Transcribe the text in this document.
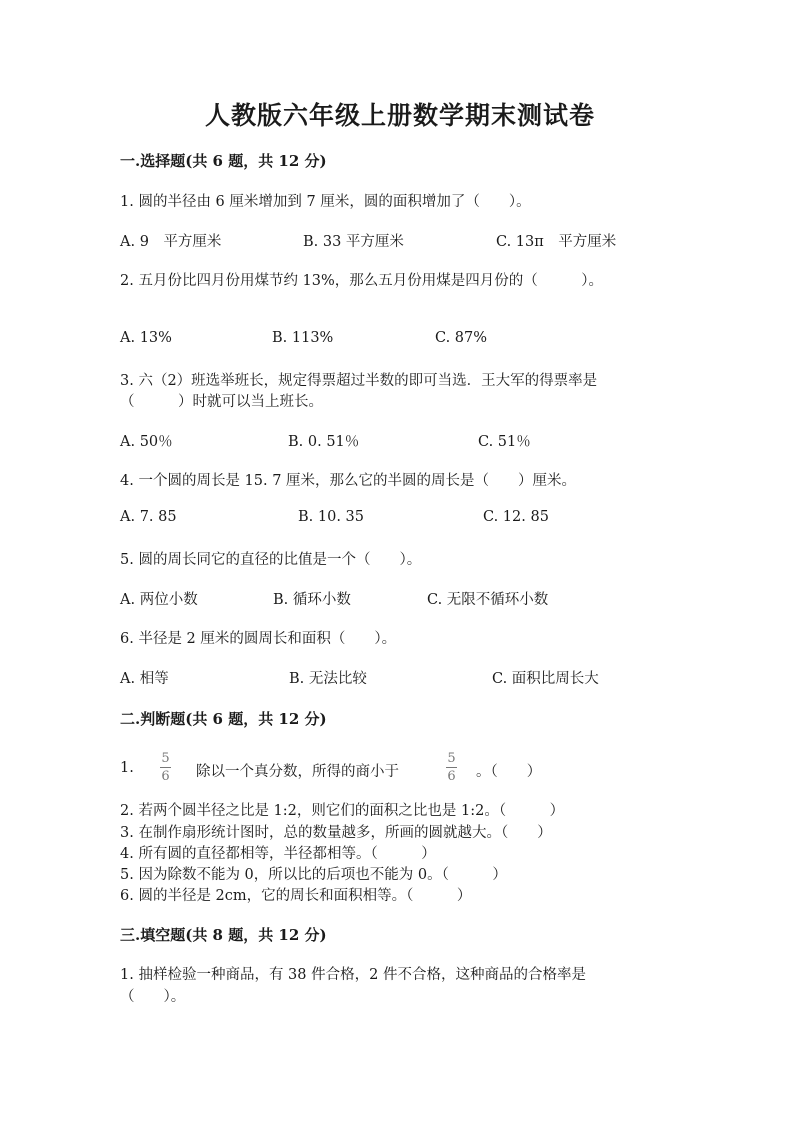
人教版六年级上册数学期末测试卷
一.选择题(共 6 题，共 12 分)
1. 圆的半径由 6 厘米增加到 7 厘米，圆的面积增加了（　　）。
A. 9　平方厘米	B. 33 平方厘米	C. 13π　平方厘米
2. 五月份比四月份用煤节约 13%，那么五月份用煤是四月份的（　　　）。
A. 13%	B. 113%	C. 87%
3. 六（2）班选举班长，规定得票超过半数的即可当选．王大军的得票率是
（　　　）时就可以当上班长。
A. 50％	B. 0. 51％	C. 51％
4. 一个圆的周长是 15. 7 厘米，那么它的半圆的周长是（　　）厘米。
A. 7. 85	B. 10. 35	C. 12. 85
5. 圆的周长同它的直径的比值是一个（　　）。
A. 两位小数	B. 循环小数	C. 无限不循环小数
6. 半径是 2 厘米的圆周长和面积（　　）。
A. 相等	B. 无法比较	C. 面积比周长大
二.判断题(共 6 题，共 12 分)
1.
5
6 除以一个真分数，所得的商小于
5
6 。（　　）
2. 若两个圆半径之比是 1:2，则它们的面积之比也是 1:2。（　　　）
3. 在制作扇形统计图时，总的数量越多，所画的圆就越大。（　　）
4. 所有圆的直径都相等，半径都相等。（　　　）
5. 因为除数不能为 0，所以比的后项也不能为 0。（　　　）
6. 圆的半径是 2cm，它的周长和面积相等。（　　　）
三.填空题(共 8 题，共 12 分)
1. 抽样检验一种商品，有 38 件合格，2 件不合格，这种商品的合格率是
（　　）。
